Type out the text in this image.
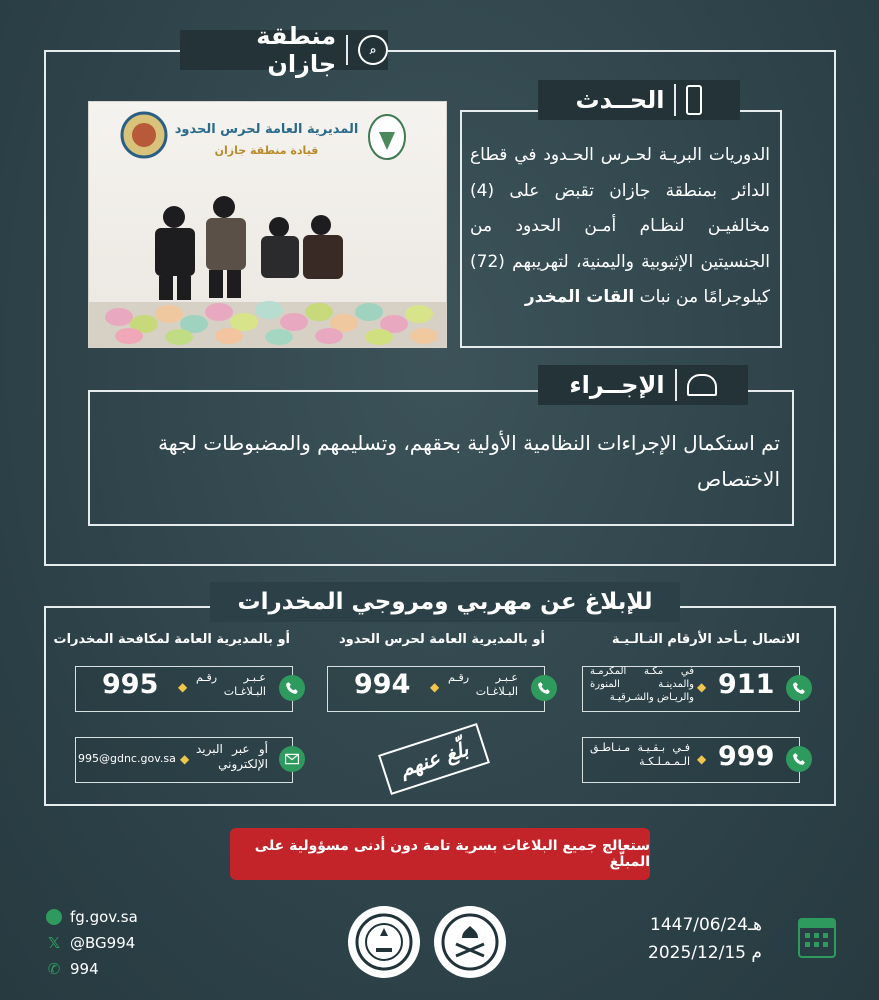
⌕
منطقة جازان
المديرية العامة لحرس الحدود
قيادة منطقة جازان
الحــدث
الدوريات البريـة لحـرس الحـدود في قطاع الدائر بمنطقة جازان تقبض على (4) مخالفيـن لنظـام أمـن الحدود من الجنسيتين الإثيوبية واليمنية، لتهريبهم (72) كيلوجرامًا من نبات القات المخدر
الإجــراء
تم استكمال الإجراءات النظامية الأولية بحقهم، وتسليمهم والمضبوطات لجهة الاختصاص
للإبلاغ عن مهربي ومروجي المخدرات
الاتصال بـأحد الأرقام التـالـيـة
أو بالمديرية العامة لحرس الحدود
أو بالمديرية العامة لمكافحة المخدرات
في مكـة المكرمـة والمدينـة المنورة والريـاض والشـرقيـة
◆ 911
فـي بـقـيـة مـنـاطـق الـمـمـلـكـة ◆ 999
994 ◆
عـبـر رقـم البـلاغـات
بلّغ عنهم
995 ◆
عـبـر رقـم البـلاغـات
995@gdnc.gov.sa ◆
أو عبر البريد الإلكتروني
ستعالج جميع البلاغات بسرية تامة دون أدنى مسؤولية على المبلّغ
fg.gov.sa
𝕏 @BG994
✆ 994
1447/06/24هـ
2025/12/15 م
